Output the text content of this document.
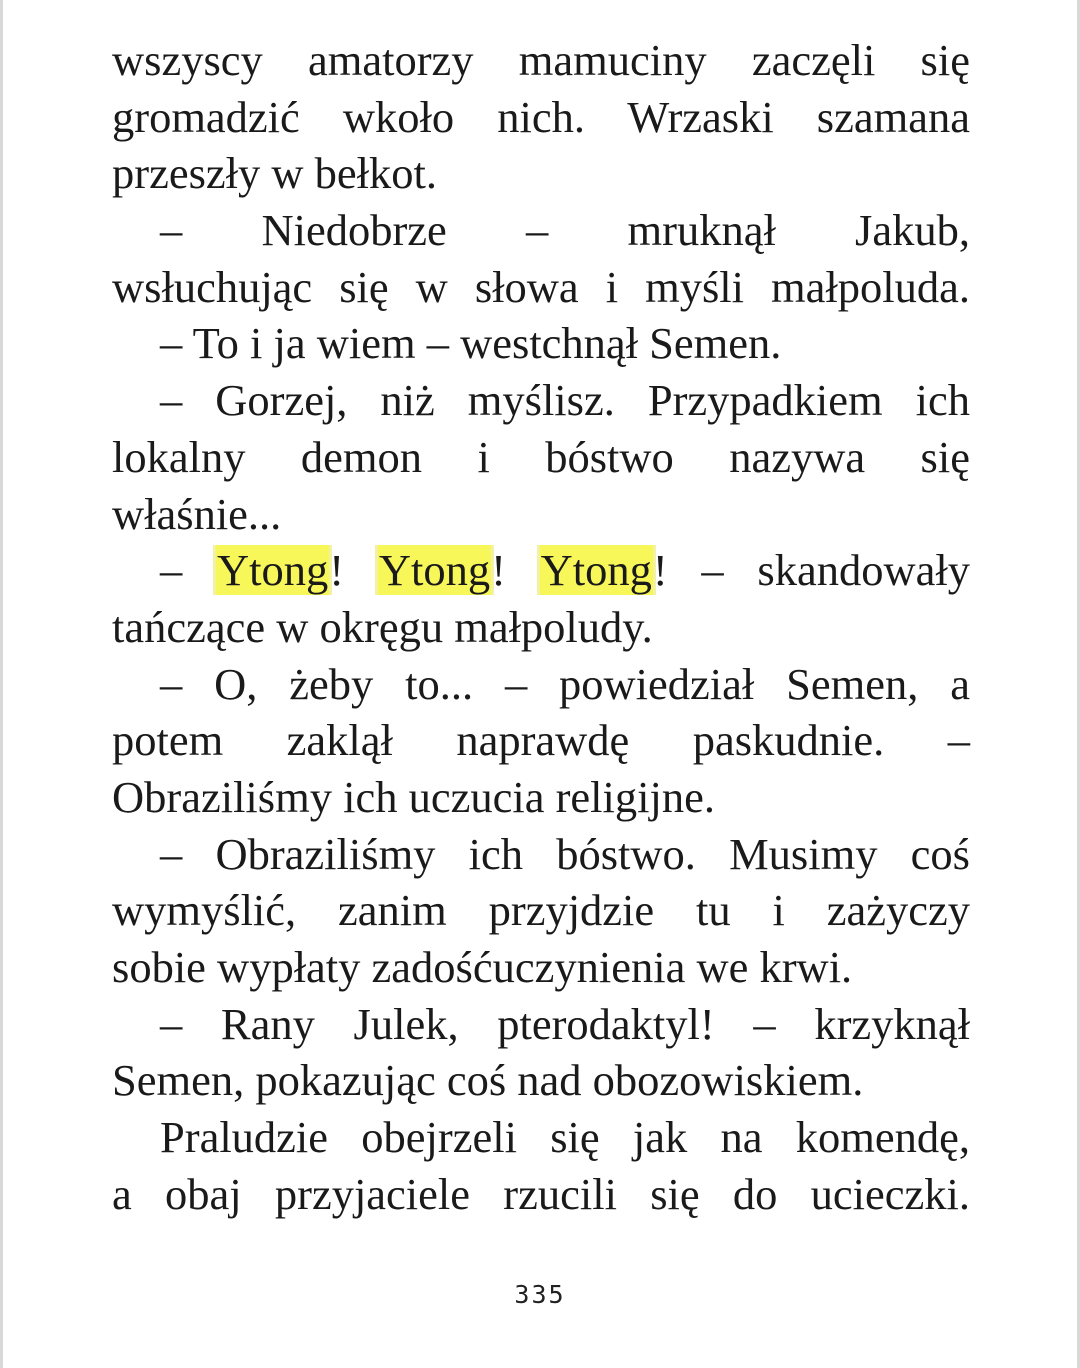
wszyscy amatorzy mamuciny zaczęli się
gromadzić wkoło nich. Wrzaski szamana
przeszły w bełkot.
– Niedobrze – mruknął Jakub,
wsłuchując się w słowa i myśli małpoluda.
– To i ja wiem – westchnął Semen.
– Gorzej, niż myślisz. Przypadkiem ich
lokalny demon i bóstwo nazywa się
właśnie...
– Ytong! Ytong! Ytong! – skandowały
tańczące w okręgu małpoludy.
– O, żeby to... – powiedział Semen, a
potem zaklął naprawdę paskudnie. –
Obraziliśmy ich uczucia religijne.
– Obraziliśmy ich bóstwo. Musimy coś
wymyślić, zanim przyjdzie tu i zażyczy
sobie wypłaty zadośćuczynienia we krwi.
– Rany Julek, pterodaktyl! – krzyknął
Semen, pokazując coś nad obozowiskiem.
Praludzie obejrzeli się jak na komendę,
a obaj przyjaciele rzucili się do ucieczki.
335
